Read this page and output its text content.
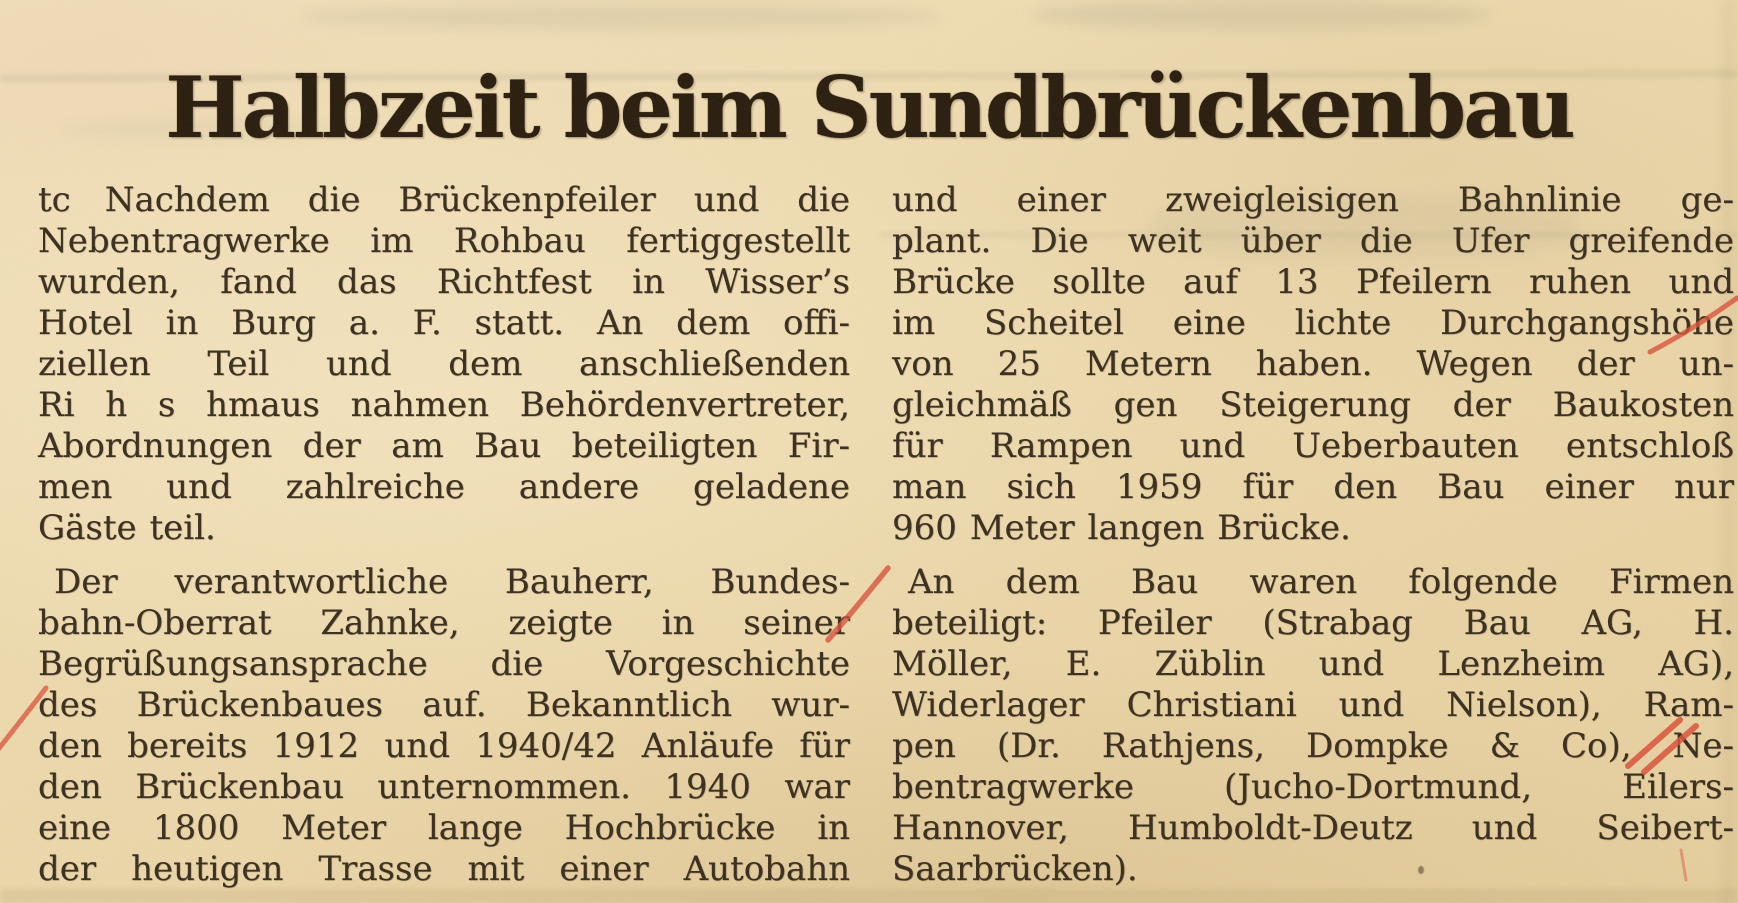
Halbzeit beim Sundbrückenbau
tc Nachdem die Brückenpfeiler und die
Nebentragwerke im Rohbau fertiggestellt
wurden, fand das Richtfest in Wisser’s
Hotel in Burg a. F. statt. An dem offi-
ziellen Teil und dem anschließenden
Ri h s hmaus nahmen Behördenvertreter,
Abordnungen der am Bau beteiligten Fir-
men und zahlreiche andere geladene
Gäste teil.
Der verantwortliche Bauherr, Bundes-
bahn-Oberrat Zahnke, zeigte in seiner
Begrüßungsansprache die Vorgeschichte
des Brückenbaues auf. Bekanntlich wur-
den bereits 1912 und 1940/42 Anläufe für
den Brückenbau unternommen. 1940 war
eine 1800 Meter lange Hochbrücke in
der heutigen Trasse mit einer Autobahn
und einer zweigleisigen Bahnlinie ge-
plant. Die weit über die Ufer greifende
Brücke sollte auf 13 Pfeilern ruhen und
im Scheitel eine lichte Durchgangshöhe
von 25 Metern haben. Wegen der un-
gleichmäß gen Steigerung der Baukosten
für Rampen und Ueberbauten entschloß
man sich 1959 für den Bau einer nur
960 Meter langen Brücke.
An dem Bau waren folgende Firmen
beteiligt: Pfeiler (Strabag Bau AG, H.
Möller, E. Züblin und Lenzheim AG),
Widerlager Christiani und Nielson), Ram-
pen (Dr. Rathjens, Dompke & Co), Ne-
bentragwerke (Jucho-Dortmund, Eilers-
Hannover, Humboldt-Deutz und Seibert-
Saarbrücken).
